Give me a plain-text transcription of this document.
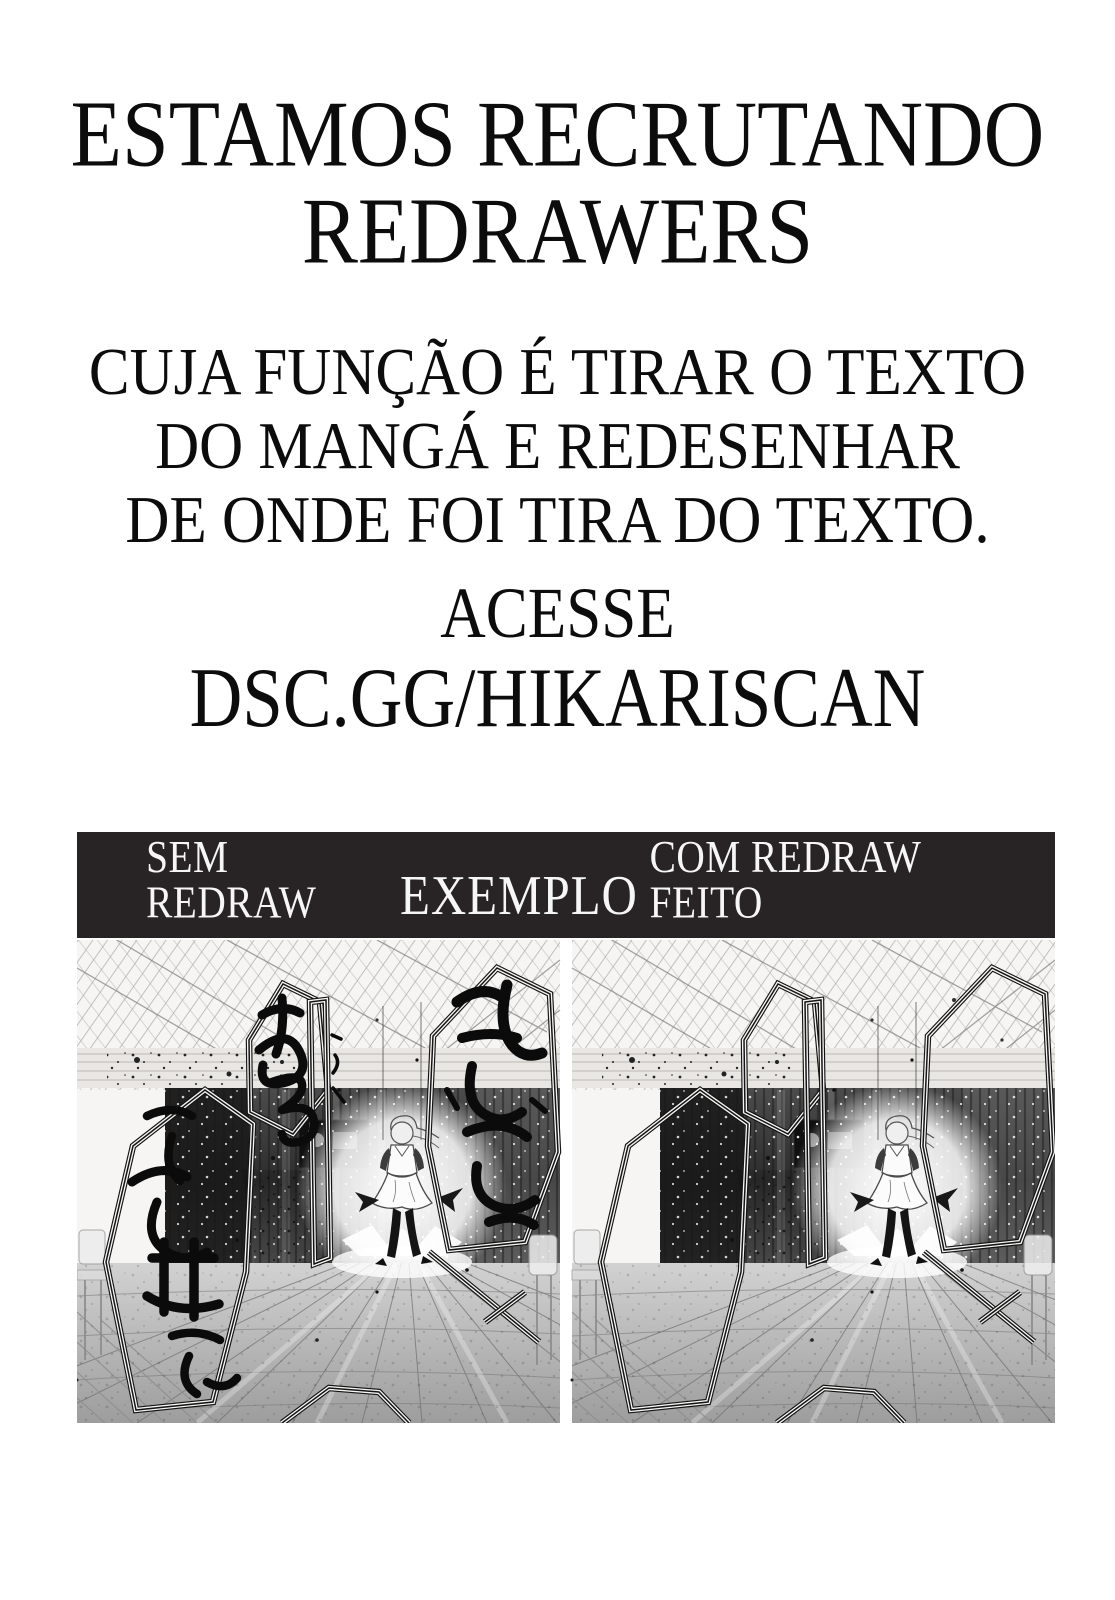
ESTAMOS RECRUTANDO
REDRAWERS
CUJA FUNÇÃO É TIRAR O TEXTO
DO MANGÁ E REDESENHAR
DE ONDE FOI TIRA DO TEXTO.
ACESSE
DSC.GG/HIKARISCAN
SEM REDRAW	EXEMPLO
COM REDRAW FEITO
